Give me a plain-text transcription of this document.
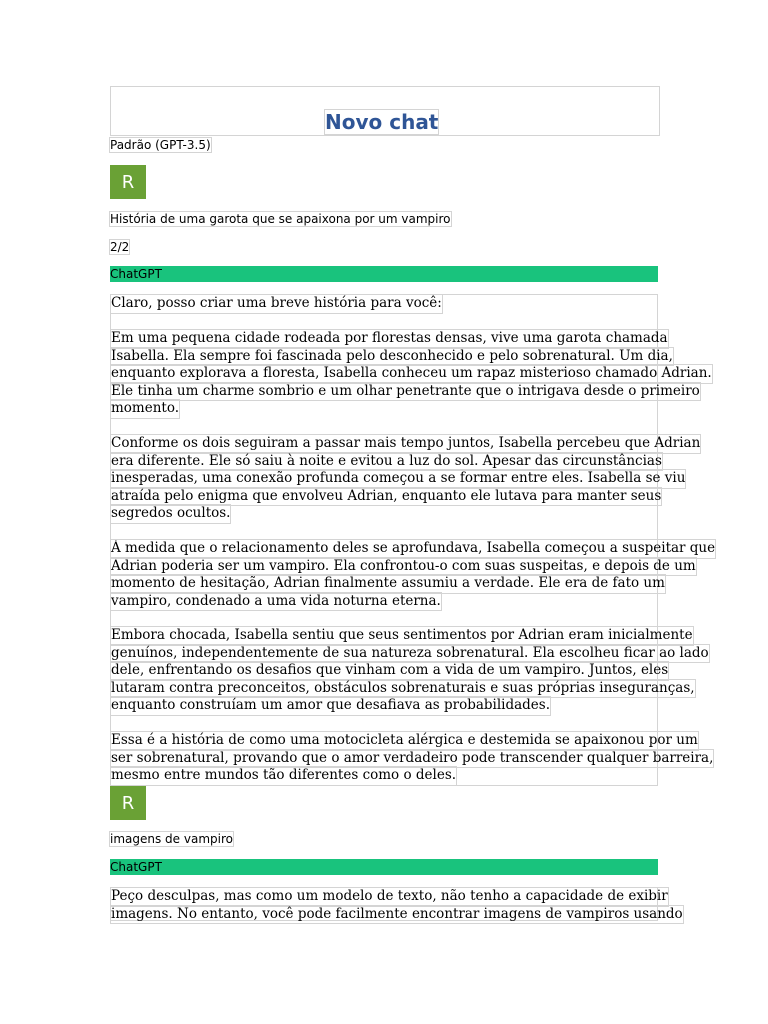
Novo chat
Padrão (GPT-3.5)
R
História de uma garota que se apaixona por um vampiro
2/2
ChatGPT
Claro, posso criar uma breve história para você:
Em uma pequena cidade rodeada por florestas densas, vive uma garota chamada
Isabella. Ela sempre foi fascinada pelo desconhecido e pelo sobrenatural. Um dia,
enquanto explorava a floresta, Isabella conheceu um rapaz misterioso chamado Adrian.
Ele tinha um charme sombrio e um olhar penetrante que o intrigava desde o primeiro
momento.
Conforme os dois seguiram a passar mais tempo juntos, Isabella percebeu que Adrian
era diferente. Ele só saiu à noite e evitou a luz do sol. Apesar das circunstâncias
inesperadas, uma conexão profunda começou a se formar entre eles. Isabella se viu
atraída pelo enigma que envolveu Adrian, enquanto ele lutava para manter seus
segredos ocultos.
À medida que o relacionamento deles se aprofundava, Isabella começou a suspeitar que
Adrian poderia ser um vampiro. Ela confrontou-o com suas suspeitas, e depois de um
momento de hesitação, Adrian finalmente assumiu a verdade. Ele era de fato um
vampiro, condenado a uma vida noturna eterna.
Embora chocada, Isabella sentiu que seus sentimentos por Adrian eram inicialmente
genuínos, independentemente de sua natureza sobrenatural. Ela escolheu ficar ao lado
dele, enfrentando os desafios que vinham com a vida de um vampiro. Juntos, eles
lutaram contra preconceitos, obstáculos sobrenaturais e suas próprias inseguranças,
enquanto construíam um amor que desafiava as probabilidades.
Essa é a história de como uma motocicleta alérgica e destemida se apaixonou por um
ser sobrenatural, provando que o amor verdadeiro pode transcender qualquer barreira,
mesmo entre mundos tão diferentes como o deles.
R
imagens de vampiro
ChatGPT
Peço desculpas, mas como um modelo de texto, não tenho a capacidade de exibir
imagens. No entanto, você pode facilmente encontrar imagens de vampiros usando
